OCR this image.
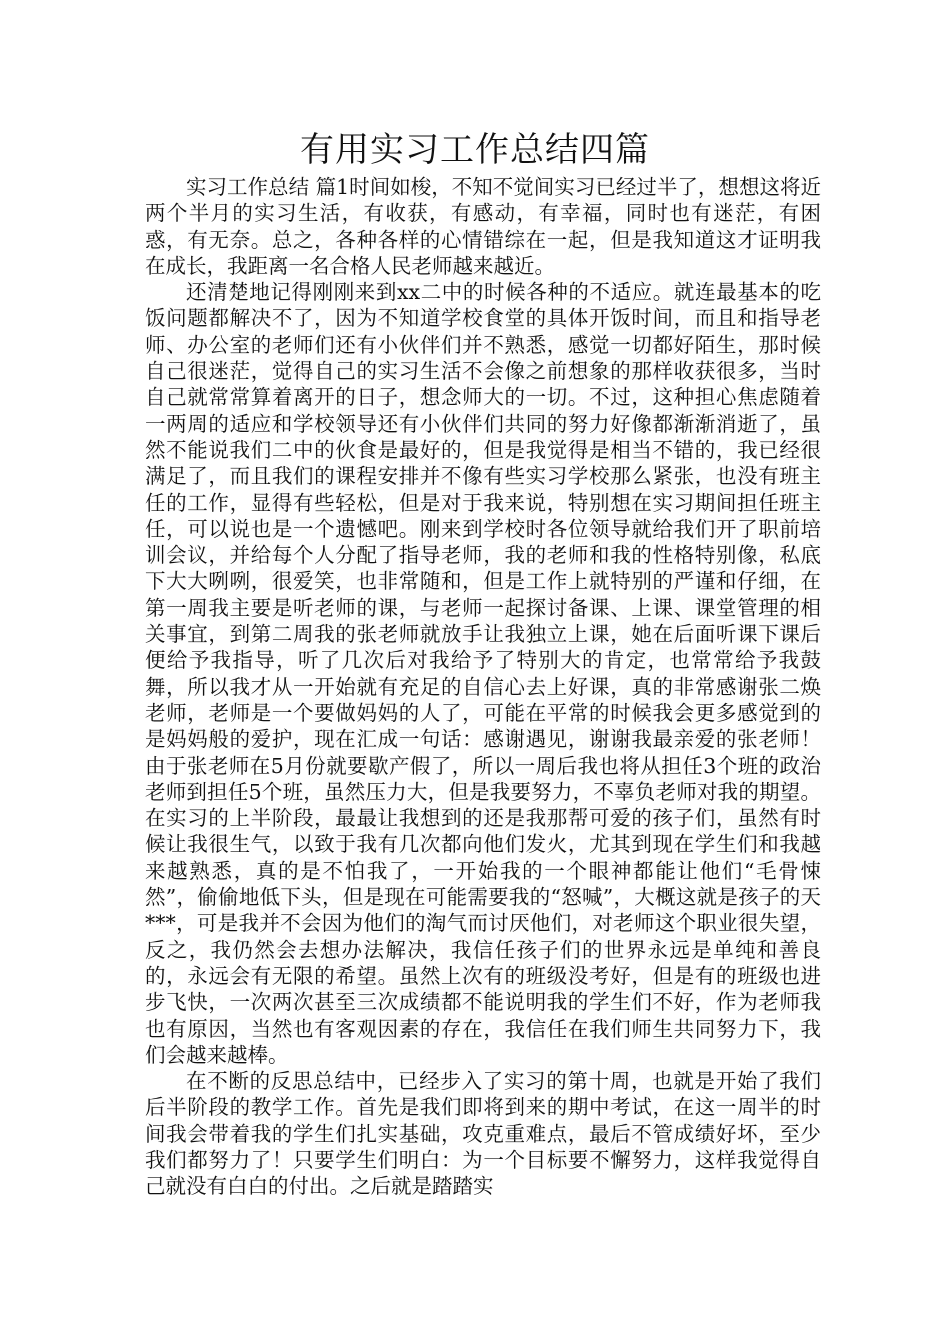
有用实习工作总结四篇

实习工作总结 篇1时间如梭，不知不觉间实习已经过半了，想想这将近两个半月的实习生活，有收获，有感动，有幸福，同时也有迷茫，有困惑，有无奈。总之，各种各样的心情错综在一起，但是我知道这才证明我在成长，我距离一名合格人民老师越来越近。

还清楚地记得刚刚来到xx二中的时候各种的不适应。就连最基本的吃饭问题都解决不了，因为不知道学校食堂的具体开饭时间，而且和指导老师、办公室的老师们还有小伙伴们并不熟悉，感觉一切都好陌生，那时候自己很迷茫，觉得自己的实习生活不会像之前想象的那样收获很多，当时自己就常常算着离开的日子，想念师大的一切。不过，这种担心焦虑随着一两周的适应和学校领导还有小伙伴们共同的努力好像都渐渐消逝了，虽然不能说我们二中的伙食是最好的，但是我觉得是相当不错的，我已经很满足了，而且我们的课程安排并不像有些实习学校那么紧张，也没有班主任的工作，显得有些轻松，但是对于我来说，特别想在实习期间担任班主任，可以说也是一个遗憾吧。刚来到学校时各位领导就给我们开了职前培训会议，并给每个人分配了指导老师，我的老师和我的性格特别像，私底下大大咧咧，很爱笑，也非常随和，但是工作上就特别的严谨和仔细，在第一周我主要是听老师的课，与老师一起探讨备课、上课、课堂管理的相关事宜，到第二周我的张老师就放手让我独立上课，她在后面听课下课后便给予我指导，听了几次后对我给予了特别大的肯定，也常常给予我鼓舞，所以我才从一开始就有充足的自信心去上好课，真的非常感谢张二焕老师，老师是一个要做妈妈的人了，可能在平常的时候我会更多感觉到的是妈妈般的爱护，现在汇成一句话：感谢遇见，谢谢我最亲爱的张老师！由于张老师在5月份就要歇产假了，所以一周后我也将从担任3个班的政治老师到担任5个班，虽然压力大，但是我要努力，不辜负老师对我的期望。在实习的上半阶段，最最让我想到的还是我那帮可爱的孩子们，虽然有时候让我很生气，以致于我有几次都向他们发火，尤其到现在学生们和我越来越熟悉，真的是不怕我了，一开始我的一个眼神都能让他们“毛骨悚然”，偷偷地低下头，但是现在可能需要我的“怒喊”，大概这就是孩子的天***，可是我并不会因为他们的淘气而讨厌他们，对老师这个职业很失望，反之，我仍然会去想办法解决，我信任孩子们的世界永远是单纯和善良的，永远会有无限的希望。虽然上次有的班级没考好，但是有的班级也进步飞快，一次两次甚至三次成绩都不能说明我的学生们不好，作为老师我也有原因，当然也有客观因素的存在，我信任在我们师生共同努力下，我们会越来越棒。

在不断的反思总结中，已经步入了实习的第十周，也就是开始了我们后半阶段的教学工作。首先是我们即将到来的期中考试，在这一周半的时间我会带着我的学生们扎实基础，攻克重难点，最后不管成绩好坏，至少我们都努力了！只要学生们明白：为一个目标要不懈努力，这样我觉得自己就没有白白的付出。之后就是踏踏实
